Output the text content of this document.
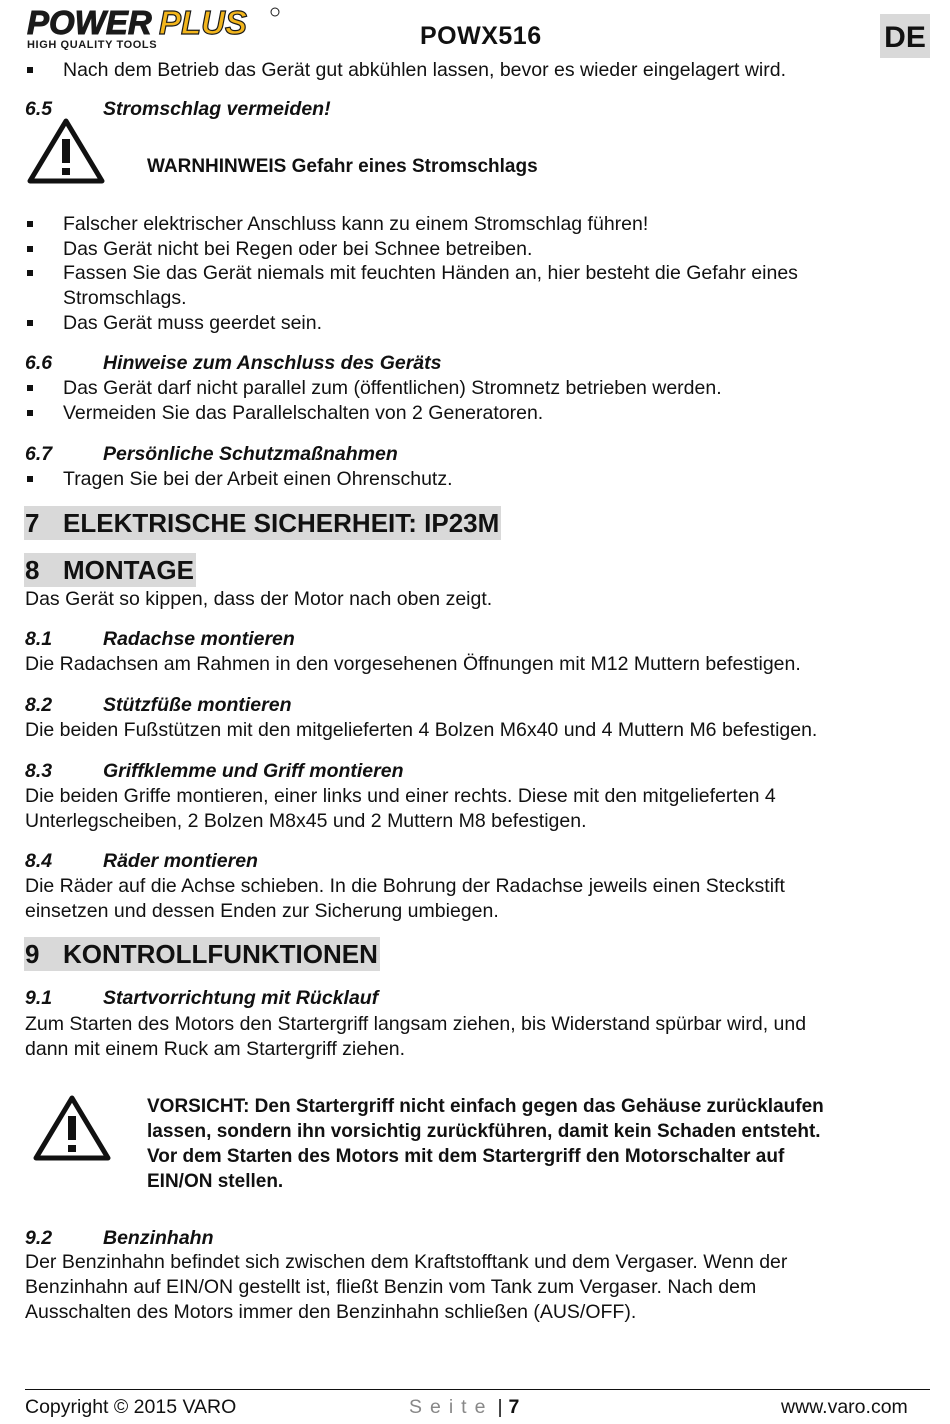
POWER PLUS
HIGH QUALITY TOOLS	POWX516	DE
Nach dem Betrieb das Gerät gut abkühlen lassen, bevor es wieder eingelagert wird.
6.5	Stromschlag vermeiden!
WARNHINWEIS Gefahr eines Stromschlags
Falscher elektrischer Anschluss kann zu einem Stromschlag führen!
Das Gerät nicht bei Regen oder bei Schnee betreiben.
Fassen Sie das Gerät niemals mit feuchten Händen an, hier besteht die Gefahr eines
Stromschlags.
Das Gerät muss geerdet sein.
6.6	Hinweise zum Anschluss des Geräts
Das Gerät darf nicht parallel zum (öffentlichen) Stromnetz betrieben werden.
Vermeiden Sie das Parallelschalten von 2 Generatoren.
6.7	Persönliche Schutzmaßnahmen
Tragen Sie bei der Arbeit einen Ohrenschutz.
7 ELEKTRISCHE SICHERHEIT: IP23M
8 MONTAGE
Das Gerät so kippen, dass der Motor nach oben zeigt.
8.1	Radachse montieren
Die Radachsen am Rahmen in den vorgesehenen Öffnungen mit M12 Muttern befestigen.
8.2	Stützfüße montieren
Die beiden Fußstützen mit den mitgelieferten 4 Bolzen M6x40 und 4 Muttern M6 befestigen.
8.3	Griffklemme und Griff montieren
Die beiden Griffe montieren, einer links und einer rechts. Diese mit den mitgelieferten 4
Unterlegscheiben, 2 Bolzen M8x45 und 2 Muttern M8 befestigen.
8.4	Räder montieren
Die Räder auf die Achse schieben. In die Bohrung der Radachse jeweils einen Steckstift
einsetzen und dessen Enden zur Sicherung umbiegen.
9 KONTROLLFUNKTIONEN
9.1	Startvorrichtung mit Rücklauf
Zum Starten des Motors den Startergriff langsam ziehen, bis Widerstand spürbar wird, und
dann mit einem Ruck am Startergriff ziehen.
VORSICHT: Den Startergriff nicht einfach gegen das Gehäuse zurücklaufen
lassen, sondern ihn vorsichtig zurückführen, damit kein Schaden entsteht.
Vor dem Starten des Motors mit dem Startergriff den Motorschalter auf
EIN/ON stellen.
9.2	Benzinhahn
Der Benzinhahn befindet sich zwischen dem Kraftstofftank und dem Vergaser. Wenn der
Benzinhahn auf EIN/ON gestellt ist, fließt Benzin vom Tank zum Vergaser. Nach dem
Ausschalten des Motors immer den Benzinhahn schließen (AUS/OFF).
Copyright © 2015 VARO	Seite | 7	www.varo.com
